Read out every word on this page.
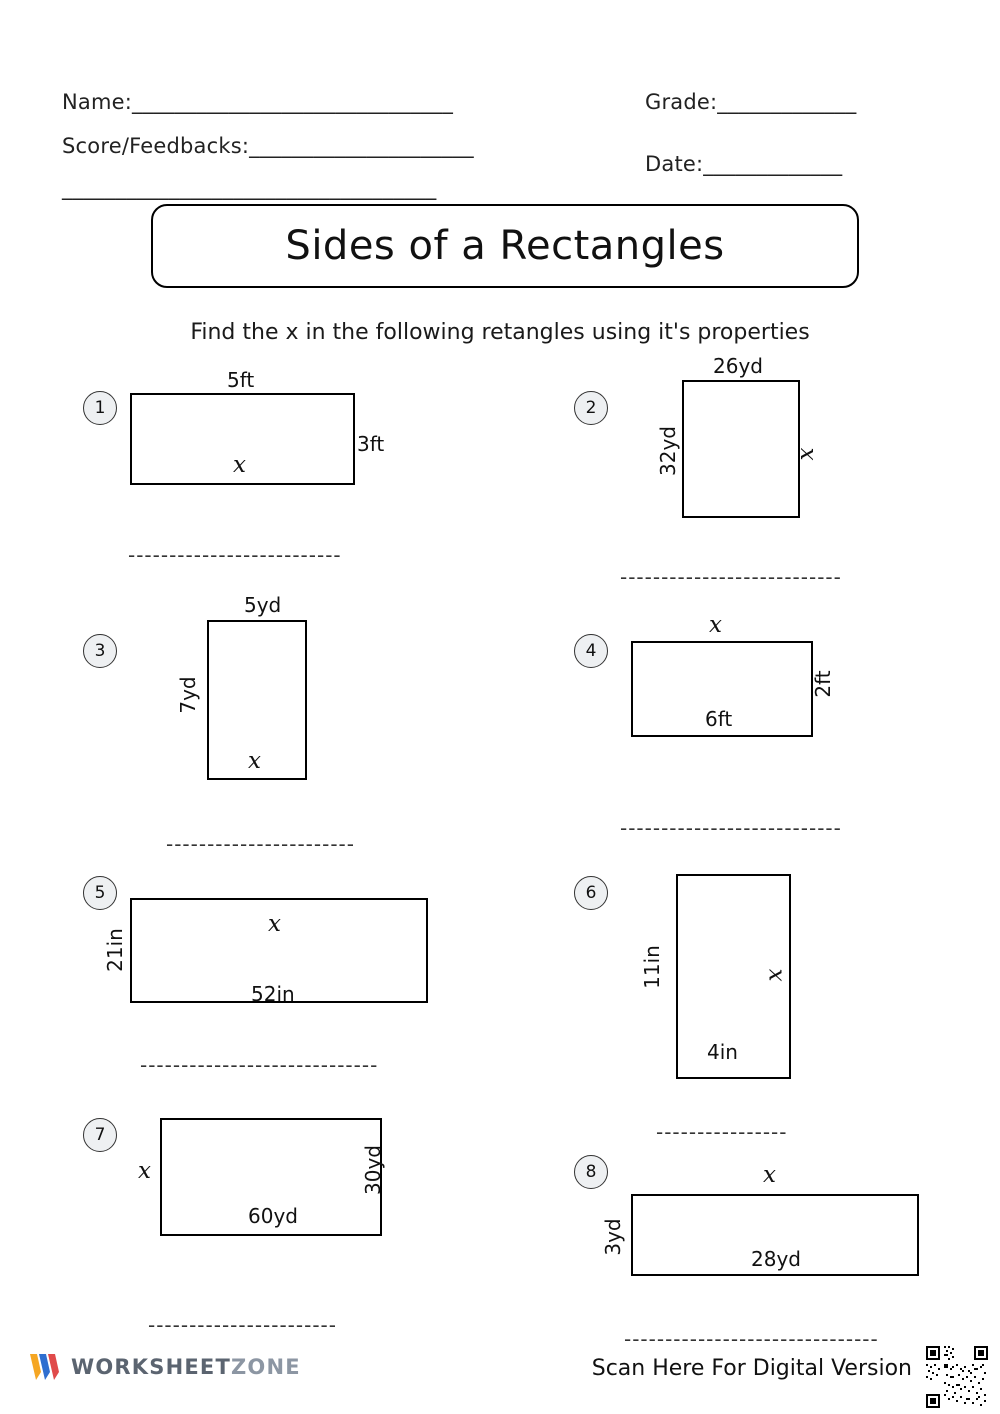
Name:______________________________
Score/Feedbacks:_____________________
___________________________________
Grade:_____________
Date:_____________
Sides of a Rectangles
Find the x in the following retangles using it's properties
1
5ft
3ft
x
--------------------------
2
26yd
32yd	x
---------------------------
3
5yd
7yd
x
-----------------------
4
x
6ft
2ft
---------------------------
5
x
52in
21in
-----------------------------
6
11in
4in
x
----------------
7
x
60yd
30yd
-----------------------
8	x
28yd
3yd
-------------------------------
WORKSHEETZONE	Scan Here For Digital Version
